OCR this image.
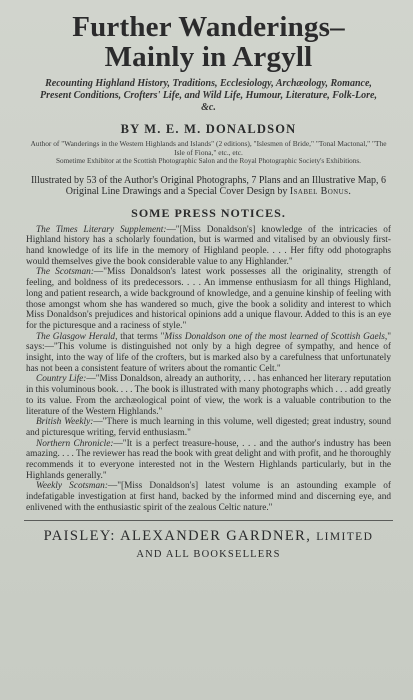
Further Wanderings–
Mainly in Argyll
Recounting Highland History, Traditions, Ecclesiology, Archæology, Romance, Present Conditions, Crofters' Life, and Wild Life, Humour, Literature, Folk-Lore, &c.
BY M. E. M. DONALDSON
Author of "Wanderings in the Western Highlands and Islands" (2 editions), "Islesmen of Bride," "Tonal Mactonal," "The Isle of Fiona," etc., etc.
Sometime Exhibitor at the Scottish Photographic Salon and the Royal Photographic Society's Exhibitions.
Illustrated by 53 of the Author's Original Photographs, 7 Plans and an Illustrative Map, 6 Original Line Drawings and a Special Cover Design by Isabel Bonus.
SOME PRESS NOTICES.

The Times Literary Supplement:—"[Miss Donaldson's] knowledge of the intricacies of Highland history has a scholarly foundation, but is warmed and vitalised by an obviously first-hand knowledge of its life in the memory of Highland people. . . . Her fifty odd photographs would themselves give the book considerable value to any Highlander."

The Scotsman:—"Miss Donaldson's latest work possesses all the originality, strength of feeling, and boldness of its predecessors. . . . An immense enthusiasm for all things Highland, long and patient research, a wide background of knowledge, and a genuine kinship of feeling with those amongst whom she has wandered so much, give the book a solidity and interest to which Miss Donaldson's prejudices and historical opinions add a unique flavour. Added to this is an eye for the picturesque and a raciness of style."

The Glasgow Herald, that terms "Miss Donaldson one of the most learned of Scottish Gaels," says:—"This volume is distinguished not only by a high degree of sympathy, and hence of insight, into the way of life of the crofters, but is marked also by a carefulness that unfortunately has not been a consistent feature of writers about the romantic Celt."

Country Life:—"Miss Donaldson, already an authority, . . . has enhanced her literary reputation in this voluminous book. . . . The book is illustrated with many photographs which . . . add greatly to its value. From the archæological point of view, the work is a valuable contribution to the literature of the Western Highlands."

British Weekly:—"There is much learning in this volume, well digested; great industry, sound and picturesque writing, fervid enthusiasm."

Northern Chronicle:—"It is a perfect treasure-house, . . . and the author's industry has been amazing. . . . The reviewer has read the book with great delight and with profit, and he thoroughly recommends it to everyone interested not in the Western Highlands particularly, but in the Highlands generally."

Weekly Scotsman:—"[Miss Donaldson's] latest volume is an astounding example of indefatigable investigation at first hand, backed by the informed mind and discerning eye, and enlivened with the enthusiastic spirit of the zealous Celtic nature."

PAISLEY: ALEXANDER GARDNER, LIMITED
AND ALL BOOKSELLERS
